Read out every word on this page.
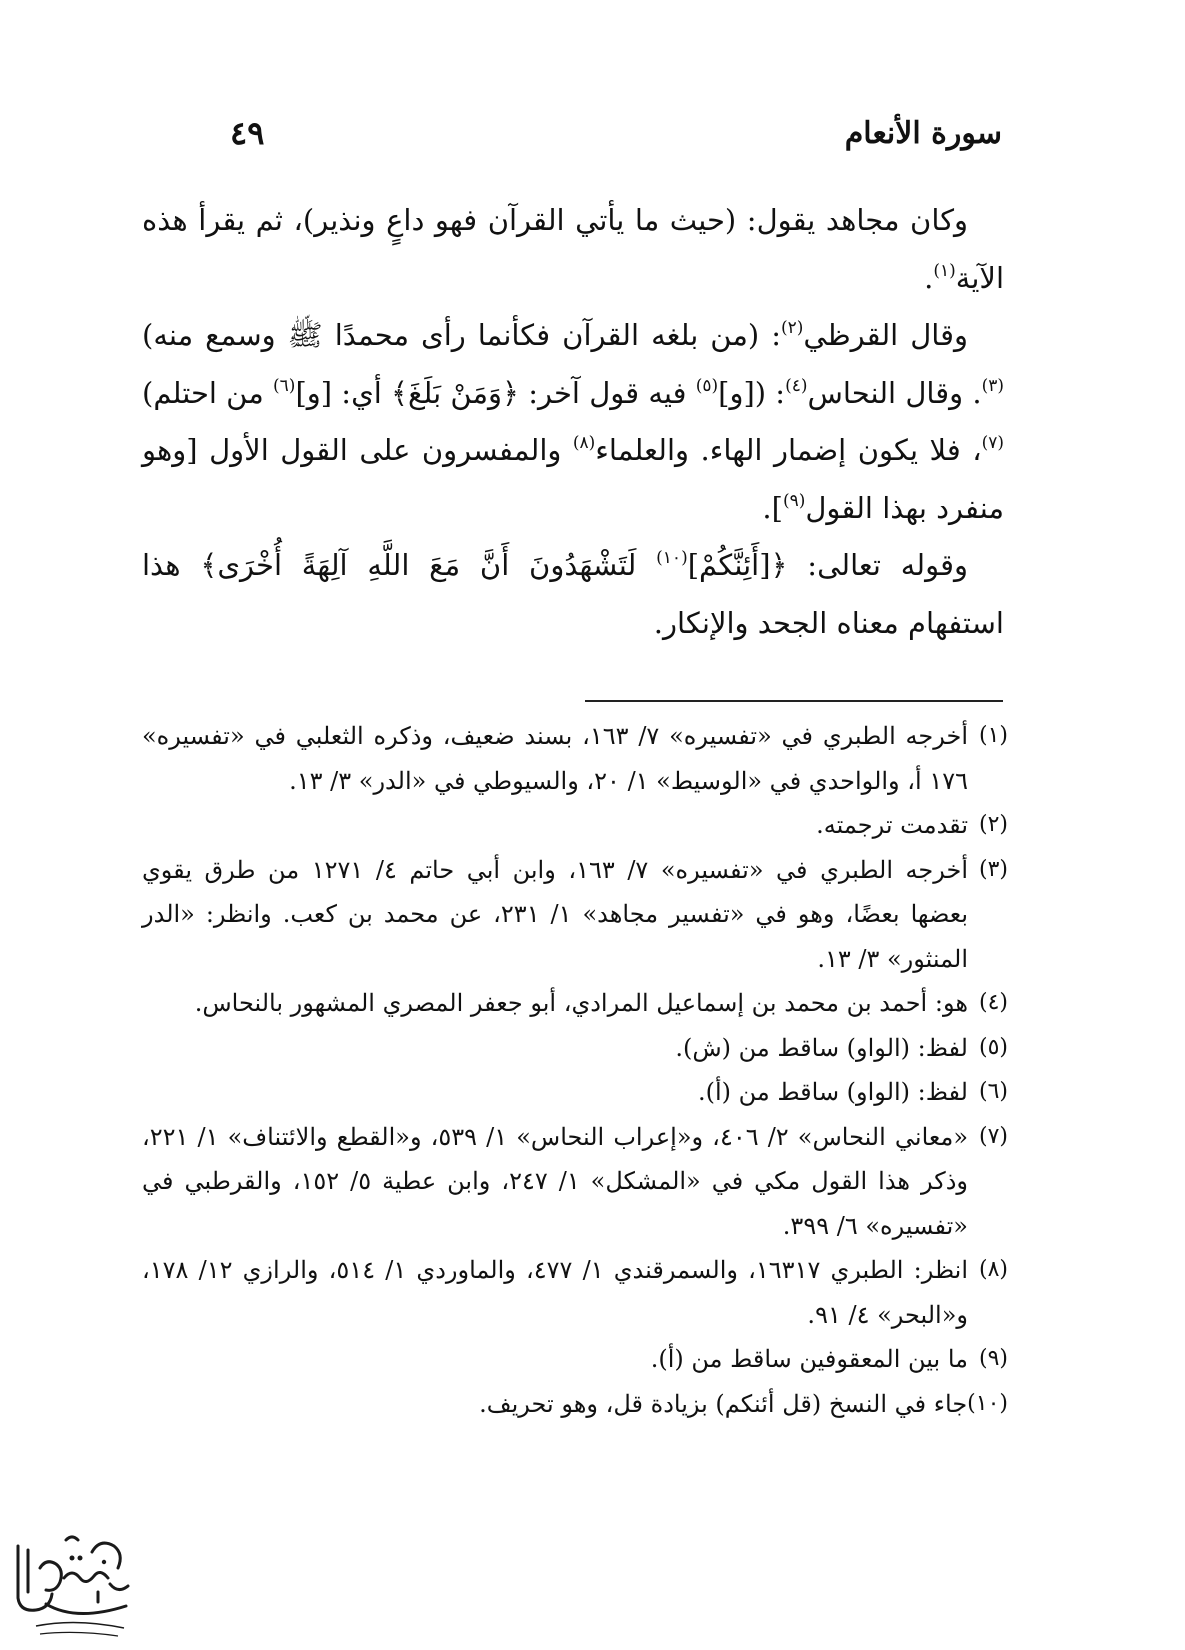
سورة الأنعام
٤٩

وكان مجاهد يقول: (حيث ما يأتي القرآن فهو داعٍ ونذير)، ثم يقرأ هذه الآية$^{(١)}$.

وقال القرظي$^{(٢)}$: (من بلغه القرآن فكأنما رأى محمدًا ﷺ وسمع منه)$^{(٣)}$. وقال النحاس$^{(٤)}$: ([و]$^{(٥)}$ فيه قول آخر: ﴿وَمَنْ بَلَغَ﴾ أي: [و]$^{(٦)}$ من احتلم)$^{(٧)}$، فلا يكون إضمار الهاء. والعلماء$^{(٨)}$ والمفسرون على القول الأول [وهو منفرد بهذا القول$^{(٩)}$].

وقوله تعالى: ﴿[أَئِنَّكُمْ]$^{(١٠)}$ لَتَشْهَدُونَ أَنَّ مَعَ اللَّهِ آلِهَةً أُخْرَى﴾ هذا استفهام معناه الجحد والإنكار.

(١)
أخرجه الطبري في «تفسيره» ٧/ ١٦٣، بسند ضعيف، وذكره الثعلبي في «تفسيره» ١٧٦ أ، والواحدي في «الوسيط» ١/ ٢٠، والسيوطي في «الدر» ٣/ ١٣.
(٢)
تقدمت ترجمته.
(٣)
أخرجه الطبري في «تفسيره» ٧/ ١٦٣، وابن أبي حاتم ٤/ ١٢٧١ من طرق يقوي بعضها بعضًا، وهو في «تفسير مجاهد» ١/ ٢٣١، عن محمد بن كعب. وانظر: «الدر المنثور» ٣/ ١٣.
(٤)
هو: أحمد بن محمد بن إسماعيل المرادي، أبو جعفر المصري المشهور بالنحاس.
(٥)
لفظ: (الواو) ساقط من (ش).
(٦)
لفظ: (الواو) ساقط من (أ).
(٧)
«معاني النحاس» ٢/ ٤٠٦، و«إعراب النحاس» ١/ ٥٣٩، و«القطع والائتناف» ١/ ٢٢١، وذكر هذا القول مكي في «المشكل» ١/ ٢٤٧، وابن عطية ٥/ ١٥٢، والقرطبي في «تفسيره» ٦/ ٣٩٩.
(٨)
انظر: الطبري ١٦٣١٧، والسمرقندي ١/ ٤٧٧، والماوردي ١/ ٥١٤، والرازي ١٢/ ١٧٨، و«البحر» ٤/ ٩١.
(٩)
ما بين المعقوفين ساقط من (أ).
(١٠)
جاء في النسخ (قل أئنكم) بزيادة قل، وهو تحريف.
